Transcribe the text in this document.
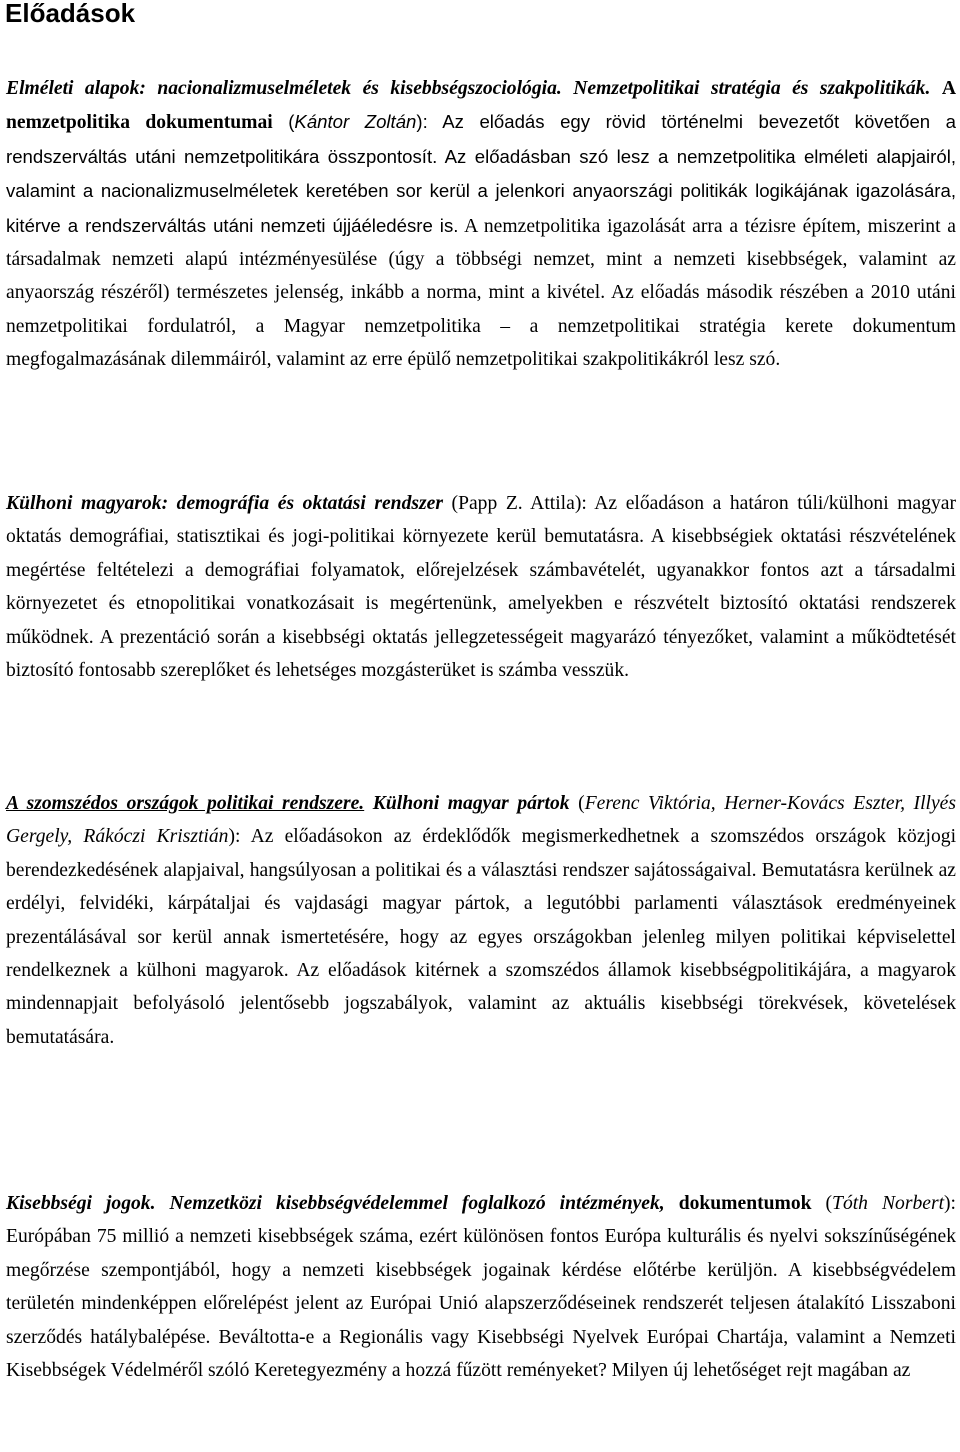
Előadások

Elméleti alapok: nacionalizmuselméletek és kisebbségszociológia. Nemzetpolitikai stratégia és szakpolitikák. A nemzetpolitika dokumentumai (Kántor Zoltán): Az előadás egy rövid történelmi bevezetőt követően a rendszerváltás utáni nemzetpolitikára összpontosít. Az előadásban szó lesz a nemzetpolitika elméleti alapjairól, valamint a nacionalizmuselméletek keretében sor kerül a jelenkori anyaországi politikák logikájának igazolására, kitérve a rendszerváltás utáni nemzeti újjáéledésre is. A nemzetpolitika igazolását arra a tézisre építem, miszerint a társadalmak nemzeti alapú intézményesülése (úgy a többségi nemzet, mint a nemzeti kisebbségek, valamint az anyaország részéről) természetes jelenség, inkább a norma, mint a kivétel. Az előadás második részében a 2010 utáni nemzetpolitikai fordulatról, a Magyar nemzetpolitika – a nemzetpolitikai stratégia kerete dokumentum megfogalmazásának dilemmáiról, valamint az erre épülő nemzetpolitikai szakpolitikákról lesz szó.

Külhoni magyarok: demográfia és oktatási rendszer (Papp Z. Attila): Az előadáson a határon túli/külhoni magyar oktatás demográfiai, statisztikai és jogi-politikai környezete kerül bemutatásra. A kisebbségiek oktatási részvételének megértése feltételezi a demográfiai folyamatok, előrejelzések számbavételét, ugyanakkor fontos azt a társadalmi környezetet és etnopolitikai vonatkozásait is megértenünk, amelyekben e részvételt biztosító oktatási rendszerek működnek. A prezentáció során a kisebbségi oktatás jellegzetességeit magyarázó tényezőket, valamint a működtetését biztosító fontosabb szereplőket és lehetséges mozgásterüket is számba vesszük.

A szomszédos országok politikai rendszere. Külhoni magyar pártok (Ferenc Viktória, Herner-Kovács Eszter, Illyés Gergely, Rákóczi Krisztián): Az előadásokon az érdeklődők megismerkedhetnek a szomszédos országok közjogi berendezkedésének alapjaival, hangsúlyosan a politikai és a választási rendszer sajátosságaival. Bemutatásra kerülnek az erdélyi, felvidéki, kárpátaljai és vajdasági magyar pártok, a legutóbbi parlamenti választások eredményeinek prezentálásával sor kerül annak ismertetésére, hogy az egyes országokban jelenleg milyen politikai képviselettel rendelkeznek a külhoni magyarok. Az előadások kitérnek a szomszédos államok kisebbségpolitikájára, a magyarok mindennapjait befolyásoló jelentősebb jogszabályok, valamint az aktuális kisebbségi törekvések, követelések bemutatására.

Kisebbségi jogok. Nemzetközi kisebbségvédelemmel foglalkozó intézmények, dokumentumok (Tóth Norbert): Európában 75 millió a nemzeti kisebbségek száma, ezért különösen fontos Európa kulturális és nyelvi sokszínűségének megőrzése szempontjából, hogy a nemzeti kisebbségek jogainak kérdése előtérbe kerüljön. A kisebbségvédelem területén mindenképpen előrelépést jelent az Európai Unió alapszerződéseinek rendszerét teljesen átalakító Lisszaboni szerződés hatálybalépése. Beváltotta-e a Regionális vagy Kisebbségi Nyelvek Európai Chartája, valamint a Nemzeti Kisebbségek Védelméről szóló Keretegyezmény a hozzá fűzött reményeket? Milyen új lehetőséget rejt magában az
